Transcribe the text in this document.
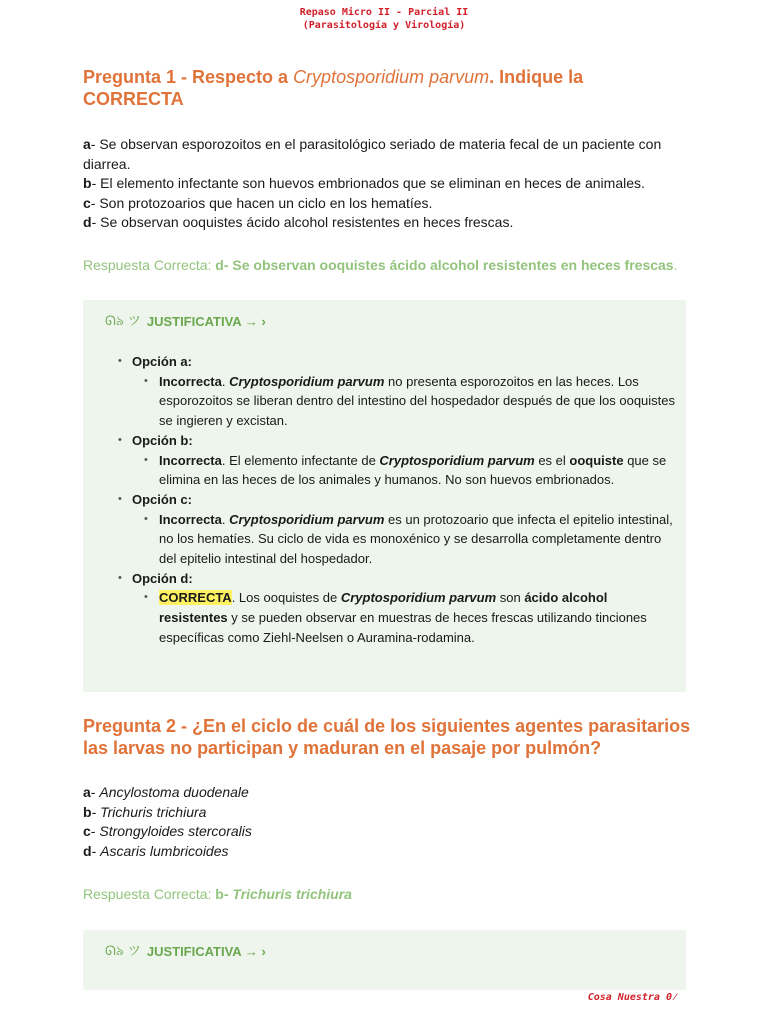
Repaso Micro II - Parcial II
(Parasitología y Virología)
Pregunta 1 - Respecto a Cryptosporidium parvum. Indique la
CORRECTA
a- Se observan esporozoitos en el parasitológico seriado de materia fecal de un paciente con diarrea.
b- El elemento infectante son huevos embrionados que se eliminan en heces de animales.
c- Son protozoarios que hacen un ciclo en los hematíes.
d- Se observan ooquistes ácido alcohol resistentes en heces frescas.
Respuesta Correcta: d- Se observan ooquistes ácido alcohol resistentes en heces frescas.
ᘏ৯ ツ JUSTIFICATIVA → ›
• Opción a:
• Incorrecta. Cryptosporidium parvum no presenta esporozoitos en las heces. Los esporozoitos se liberan dentro del intestino del hospedador después de que los ooquistes se ingieren y excistan.
• Opción b:
• Incorrecta. El elemento infectante de Cryptosporidium parvum es el ooquiste que se elimina en las heces de los animales y humanos. No son huevos embrionados.
• Opción c:
• Incorrecta. Cryptosporidium parvum es un protozoario que infecta el epitelio intestinal, no los hematíes. Su ciclo de vida es monoxénico y se desarrolla completamente dentro del epitelio intestinal del hospedador.
• Opción d:
• CORRECTA. Los ooquistes de Cryptosporidium parvum son ácido alcohol resistentes y se pueden observar en muestras de heces frescas utilizando tinciones específicas como Ziehl-Neelsen o Auramina-rodamina.
Pregunta 2 - ¿En el ciclo de cuál de los siguientes agentes parasitarios las larvas no participan y maduran en el pasaje por pulmón?
a- Ancylostoma duodenale
b- Trichuris trichiura
c- Strongyloides stercoralis
d- Ascaris lumbricoides
Respuesta Correcta: b- Trichuris trichiura
ᘏ৯ ツ JUSTIFICATIVA → ›
Cosa Nuestra 0⁄
